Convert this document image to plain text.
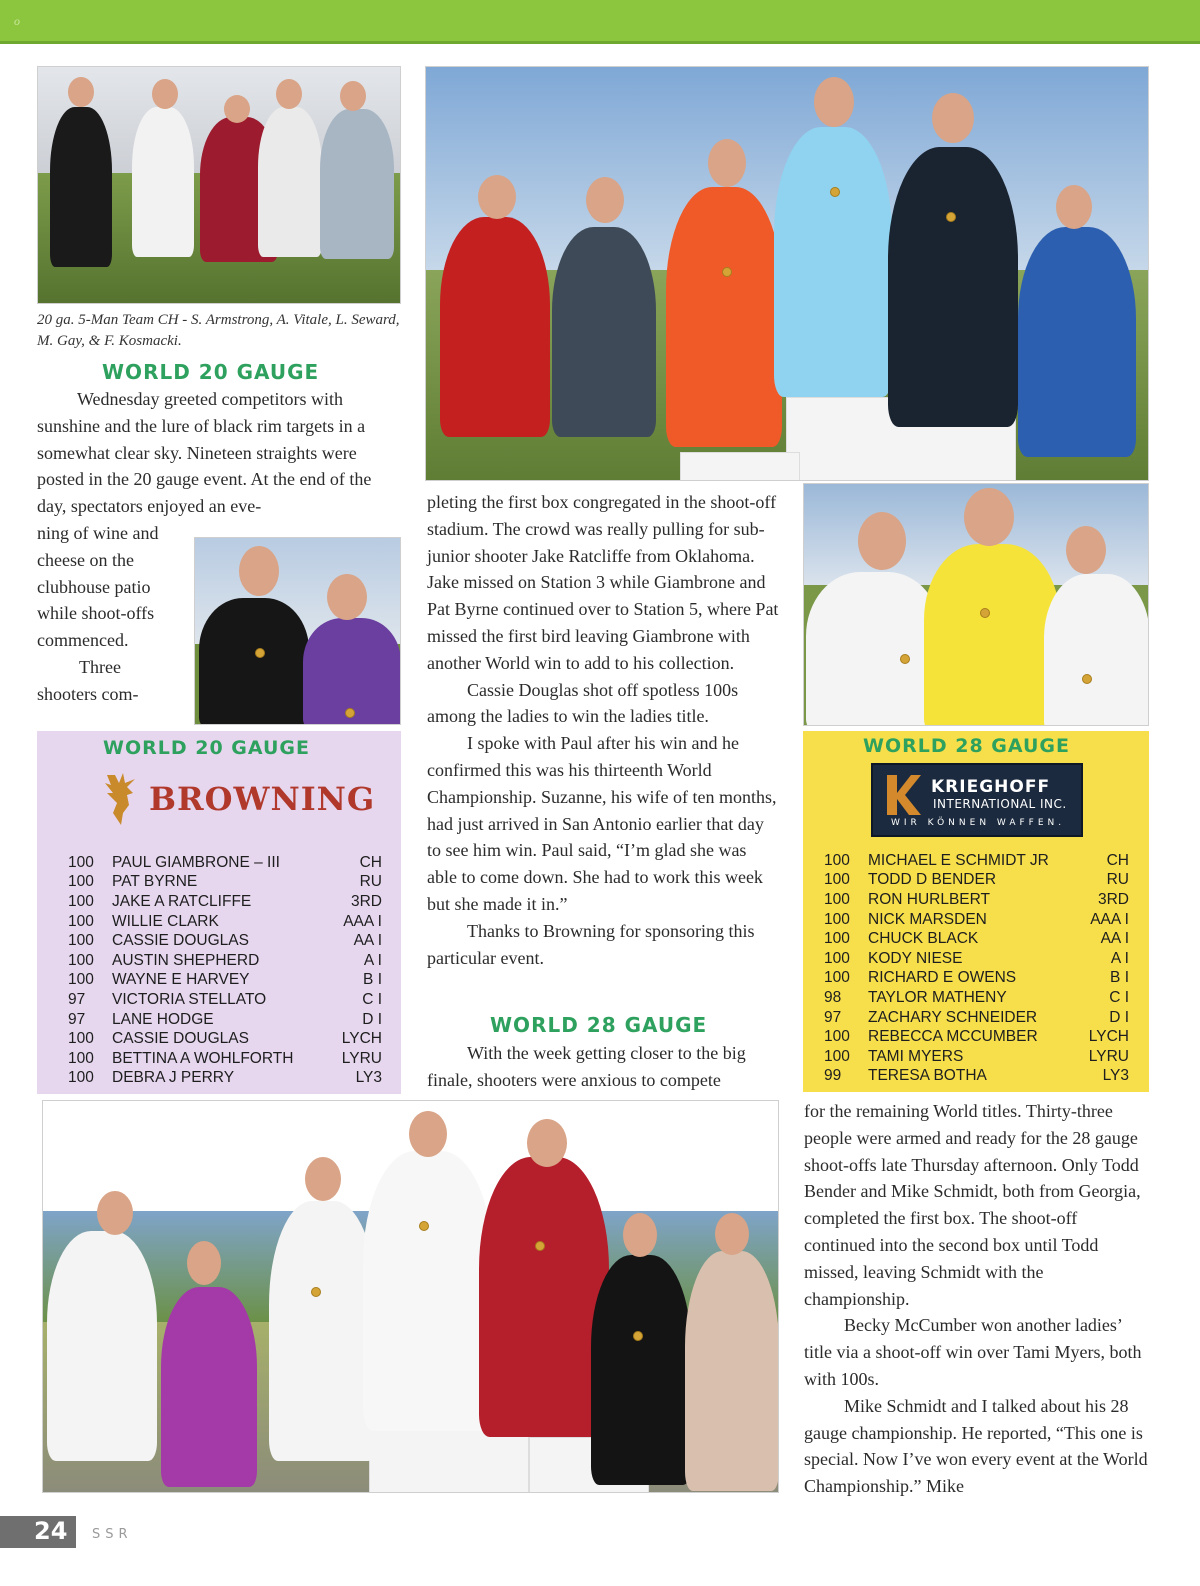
o
20 ga. 5-Man Team CH - S. Armstrong, A. Vitale, L. Seward, M. Gay, & F. Kosmacki.
WORLD 20 GAUGE

Wednesday greeted competitors with sunshine and the lure of black rim targets in a somewhat clear sky. Nineteen straights were posted in the 20 gauge event. At the end of the day, spectators enjoyed an eve-

ning of wine and
cheese on the
clubhouse patio
while shoot-offs
commenced.
Three
shooters com-
WORLD 20 GAUGE
BROWNING
100	PAUL GIAMBRONE – III	CH
100	PAT BYRNE	RU
100	JAKE A RATCLIFFE	3RD
100	WILLIE CLARK	AAA I
100	CASSIE DOUGLAS	AA I
100	AUSTIN SHEPHERD	A I
100	WAYNE E HARVEY	B I
97	VICTORIA STELLATO	C I
97	LANE HODGE	D I
100	CASSIE DOUGLAS	LYCH
100	BETTINA A WOHLFORTH	LYRU
100	DEBRA J PERRY	LY3

pleting the first box congregated in the shoot-off stadium. The crowd was really pulling for sub-junior shooter Jake Ratcliffe from Oklahoma. Jake missed on Station 3 while Giambrone and Pat Byrne continued over to Station 5, where Pat missed the first bird leaving Giambrone with another World win to add to his collection.

Cassie Douglas shot off spotless 100s among the ladies to win the ladies title.

I spoke with Paul after his win and he confirmed this was his thirteenth World Championship. Suzanne, his wife of ten months, had just arrived in San Antonio earlier that day to see him win. Paul said, “I’m glad she was able to come down. She had to work this week but she made it in.”

Thanks to Browning for sponsoring this particular event.

WORLD 28 GAUGE

With the week getting closer to the big finale, shooters were anxious to compete

WORLD 28 GAUGE
KRIEGHOFF
INTERNATIONAL INC.
WIR KÖNNEN WAFFEN.
100	MICHAEL E SCHMIDT JR	CH
100	TODD D BENDER	RU
100	RON HURLBERT	3RD
100	NICK MARSDEN	AAA I
100	CHUCK BLACK	AA I
100	KODY NIESE	A I
100	RICHARD E OWENS	B I
98	TAYLOR MATHENY	C I
97	ZACHARY SCHNEIDER	D I
100	REBECCA MCCUMBER	LYCH
100	TAMI MYERS	LYRU
99	TERESA BOTHA	LY3

for the remaining World titles. Thirty-three people were armed and ready for the 28 gauge shoot-offs late Thursday afternoon. Only Todd Bender and Mike Schmidt, both from Georgia, completed the first box. The shoot-off continued into the second box until Todd missed, leaving Schmidt with the championship.

Becky McCumber won another ladies’ title via a shoot-off win over Tami Myers, both with 100s.

Mike Schmidt and I talked about his 28 gauge championship. He reported, “This one is special. Now I’ve won every event at the World Championship.” Mike

24 SSR
